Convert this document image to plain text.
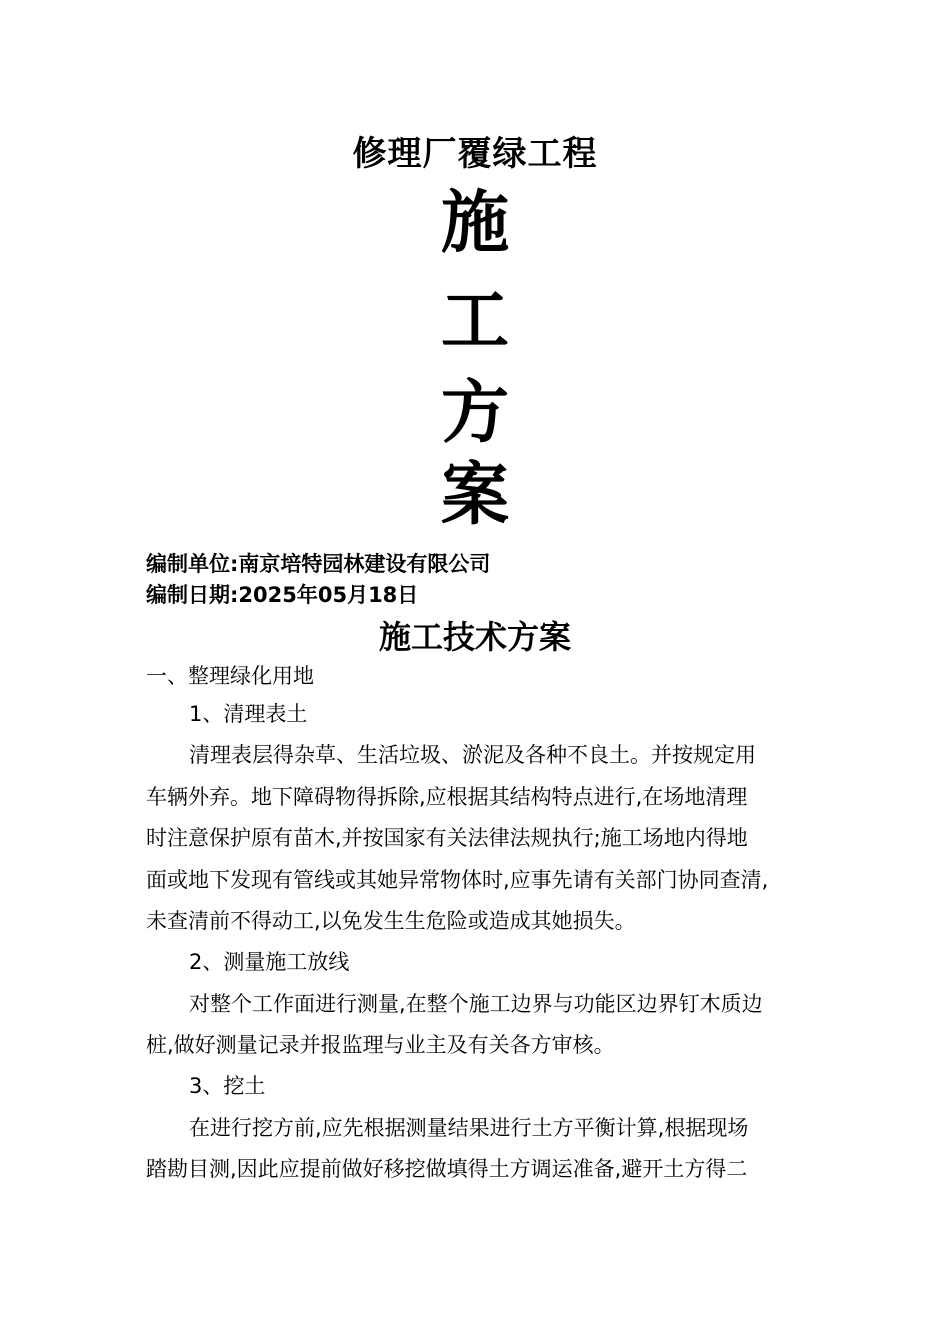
修理厂覆绿工程
施
工
方
案
编制单位:南京培特园林建设有限公司
编制日期:2025年05月18日
施工技术方案
一、整理绿化用地
1、清理表土
清理表层得杂草、生活垃圾、淤泥及各种不良土。并按规定用
车辆外弃。地下障碍物得拆除,应根据其结构特点进行,在场地清理
时注意保护原有苗木,并按国家有关法律法规执行;施工场地内得地
面或地下发现有管线或其她异常物体时,应事先请有关部门协同查清,
未查清前不得动工,以免发生生危险或造成其她损失。
2、测量施工放线
对整个工作面进行测量,在整个施工边界与功能区边界钉木质边
桩,做好测量记录并报监理与业主及有关各方审核。
3、挖土
在进行挖方前,应先根据测量结果进行土方平衡计算,根据现场
踏勘目测,因此应提前做好移挖做填得土方调运准备,避开土方得二
